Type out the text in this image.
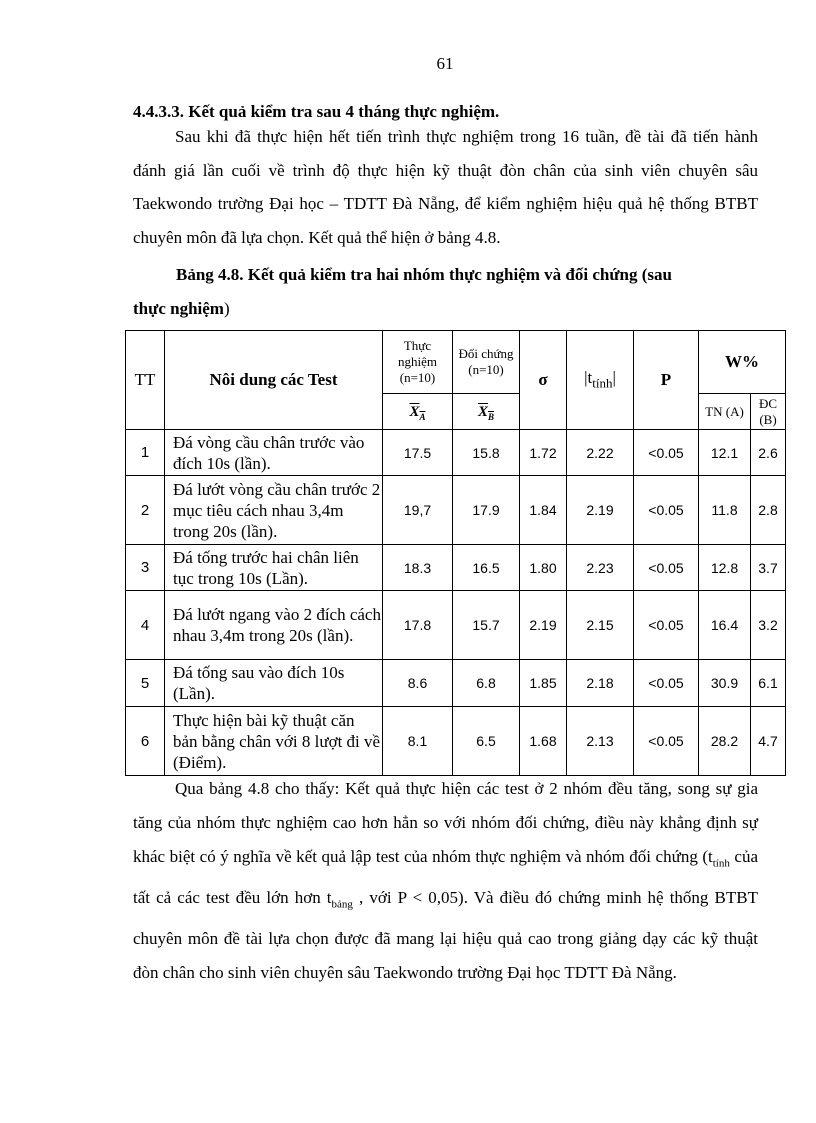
61
4.4.3.3. Kết quả kiểm tra sau 4 tháng thực nghiệm.
Sau khi đã thực hiện hết tiến trình thực nghiệm trong 16 tuần, đề tài đã tiến hành đánh giá lần cuối về trình độ thực hiện kỹ thuật đòn chân của sinh viên chuyên sâu Taekwondo trường Đại học – TDTT Đà Nẵng, để kiểm nghiệm hiệu quả hệ thống BTBT chuyên môn đã lựa chọn. Kết quả thể hiện ở bảng 4.8.
Bảng 4.8. Kết quả kiểm tra hai nhóm thực nghiệm và đối chứng (sau
thực nghiệm)
TT	Nôi dung các Test	Thực nghiệm (n=10)	Đối chứng (n=10)	σ	$|t_{tính}|$	P	W%	
		$X_A$	$X_B$				TN (A)	ĐC (B)
1	Đá vòng cầu chân trước vào đích 10s (lần).	17.5	15.8	1.72	2.22	<0.05	12.1	2.6
2	Đá lướt vòng cầu chân trước 2 mục tiêu cách nhau 3,4m trong 20s (lần).	19,7	17.9	1.84	2.19	<0.05	11.8	2.8
3	Đá tống trước hai chân liên tục trong 10s (Lần).	18.3	16.5	1.80	2.23	<0.05	12.8	3.7
4	Đá lướt ngang vào 2 đích cách nhau 3,4m trong 20s (lần).	17.8	15.7	2.19	2.15	<0.05	16.4	3.2
5	Đá tống sau vào đích 10s (Lần).	8.6	6.8	1.85	2.18	<0.05	30.9	6.1
6	Thực hiện bài kỹ thuật căn bản bằng chân với 8 lượt đi về (Điểm).	8.1	6.5	1.68	2.13	<0.05	28.2	4.7
Qua bảng 4.8 cho thấy: Kết quả thực hiện các test ở 2 nhóm đều tăng, song sự gia tăng của nhóm thực nghiệm cao hơn hẳn so với nhóm đối chứng, điều này khẳng định sự khác biệt có ý nghĩa về kết quả lập test của nhóm thực nghiệm và nhóm đối chứng ($t_{tính}$ của tất cả các test đều lớn hơn $t_{bảng}$ , với P < 0,05). Và điều đó chứng minh hệ thống BTBT chuyên môn đề tài lựa chọn được đã mang lại hiệu quả cao trong giảng dạy các kỹ thuật đòn chân cho sinh viên chuyên sâu Taekwondo trường Đại học TDTT Đà Nẵng.
